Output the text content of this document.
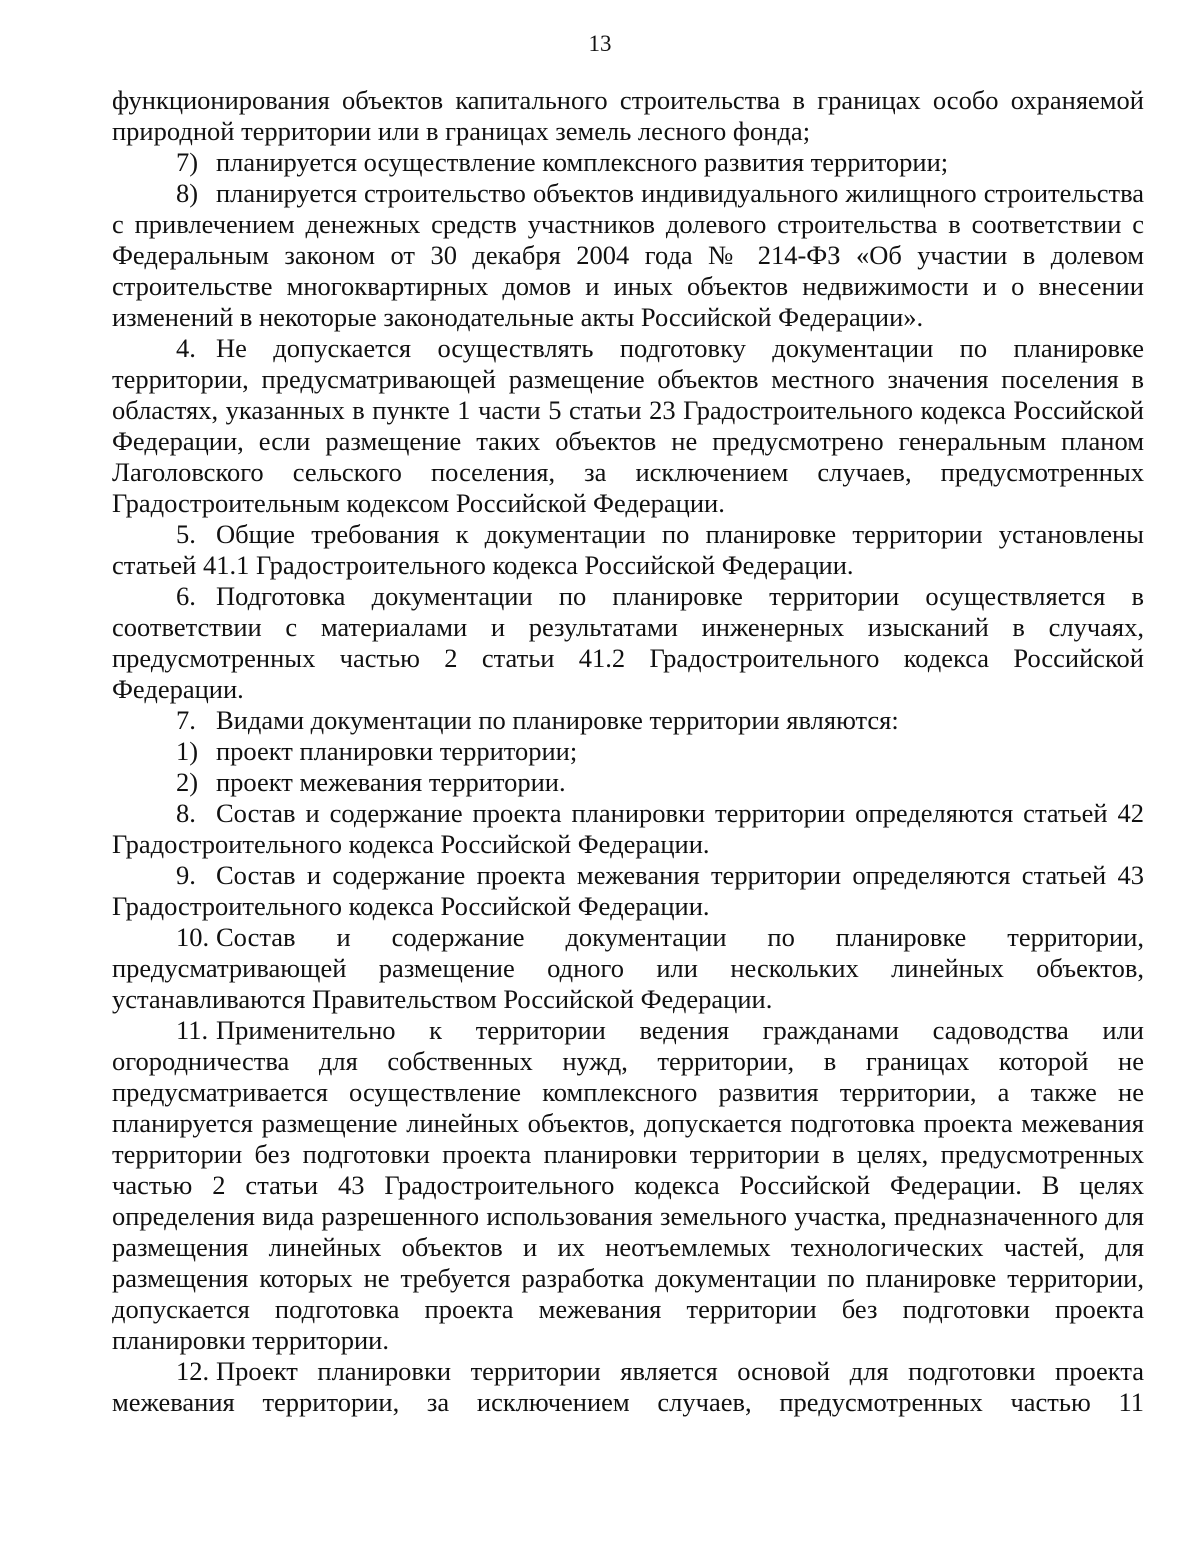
13

функционирования объектов капитального строительства в границах особо охраняемой природной территории или в границах земель лесного фонда;

7) планируется осуществление комплексного развития территории;

8) планируется строительство объектов индивидуального жилищного строительства с привлечением денежных средств участников долевого строительства в соответствии с Федеральным законом от 30 декабря 2004 года № 214-ФЗ «Об участии в долевом строительстве многоквартирных домов и иных объектов недвижимости и о внесении изменений в некоторые законодательные акты Российской Федерации».

4. Не допускается осуществлять подготовку документации по планировке территории, предусматривающей размещение объектов местного значения поселения в областях, указанных в пункте 1 части 5 статьи 23 Градостроительного кодекса Российской Федерации, если размещение таких объектов не предусмотрено генеральным планом Лаголовского сельского поселения, за исключением случаев, предусмотренных Градостроительным кодексом Российской Федерации.

5. Общие требования к документации по планировке территории установлены статьей 41.1 Градостроительного кодекса Российской Федерации.

6. Подготовка документации по планировке территории осуществляется в соответствии с материалами и результатами инженерных изысканий в случаях, предусмотренных частью 2 статьи 41.2 Градостроительного кодекса Российской Федерации.

7. Видами документации по планировке территории являются:

1) проект планировки территории;

2) проект межевания территории.

8. Состав и содержание проекта планировки территории определяются статьей 42 Градостроительного кодекса Российской Федерации.

9. Состав и содержание проекта межевания территории определяются статьей 43 Градостроительного кодекса Российской Федерации.

10. Состав и содержание документации по планировке территории, предусматривающей размещение одного или нескольких линейных объектов, устанавливаются Правительством Российской Федерации.

11. Применительно к территории ведения гражданами садоводства или огородничества для собственных нужд, территории, в границах которой не предусматривается осуществление комплексного развития территории, а также не планируется размещение линейных объектов, допускается подготовка проекта межевания территории без подготовки проекта планировки территории в целях, предусмотренных частью 2 статьи 43 Градостроительного кодекса Российской Федерации. В целях определения вида разрешенного использования земельного участка, предназначенного для размещения линейных объектов и их неотъемлемых технологических частей, для размещения которых не требуется разработка документации по планировке территории, допускается подготовка проекта межевания территории без подготовки проекта планировки территории.

12. Проект планировки территории является основой для подготовки проекта межевания территории, за исключением случаев, предусмотренных частью 11
